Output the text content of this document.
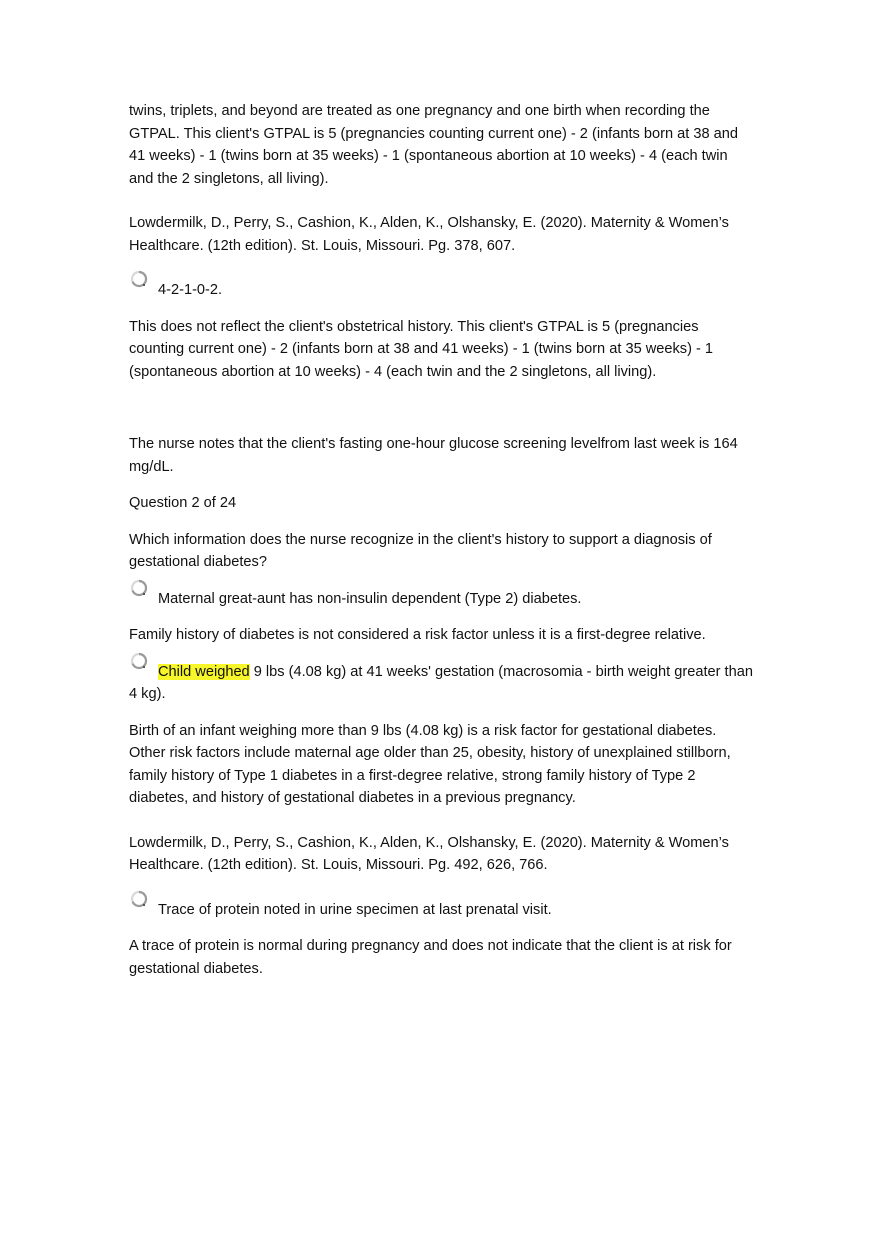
twins, triplets, and beyond are treated as one pregnancy and one birth when recording the GTPAL. This client's GTPAL is 5 (pregnancies counting current one) - 2 (infants born at 38 and 41 weeks) - 1 (twins born at 35 weeks) - 1 (spontaneous abortion at 10 weeks) - 4 (each twin and the 2 singletons, all living).

Lowdermilk, D., Perry, S., Cashion, K., Alden, K., Olshansky, E. (2020). Maternity & Women’s Healthcare. (12th edition). St. Louis, Missouri. Pg. 378, 607.

4-2-1-0-2.

This does not reflect the client's obstetrical history. This client's GTPAL is 5 (pregnancies counting current one) - 2 (infants born at 38 and 41 weeks) - 1 (twins born at 35 weeks) - 1 (spontaneous abortion at 10 weeks) - 4 (each twin and the 2 singletons, all living).

The nurse notes that the client's fasting one-hour glucose screening levelfrom last week is 164 mg/dL.

Question 2 of 24

Which information does the nurse recognize in the client's history to support a diagnosis of gestational diabetes?

Maternal great-aunt has non-insulin dependent (Type 2) diabetes.

Family history of diabetes is not considered a risk factor unless it is a first-degree relative.

Child weighed 9 lbs (4.08 kg) at 41 weeks' gestation (macrosomia - birth weight greater than 4 kg).

Birth of an infant weighing more than 9 lbs (4.08 kg) is a risk factor for gestational diabetes. Other risk factors include maternal age older than 25, obesity, history of unexplained stillborn, family history of Type 1 diabetes in a first-degree relative, strong family history of Type 2 diabetes, and history of gestational diabetes in a previous pregnancy.

Lowdermilk, D., Perry, S., Cashion, K., Alden, K., Olshansky, E. (2020). Maternity & Women’s Healthcare. (12th edition). St. Louis, Missouri. Pg. 492, 626, 766.

Trace of protein noted in urine specimen at last prenatal visit.

A trace of protein is normal during pregnancy and does not indicate that the client is at risk for gestational diabetes.
